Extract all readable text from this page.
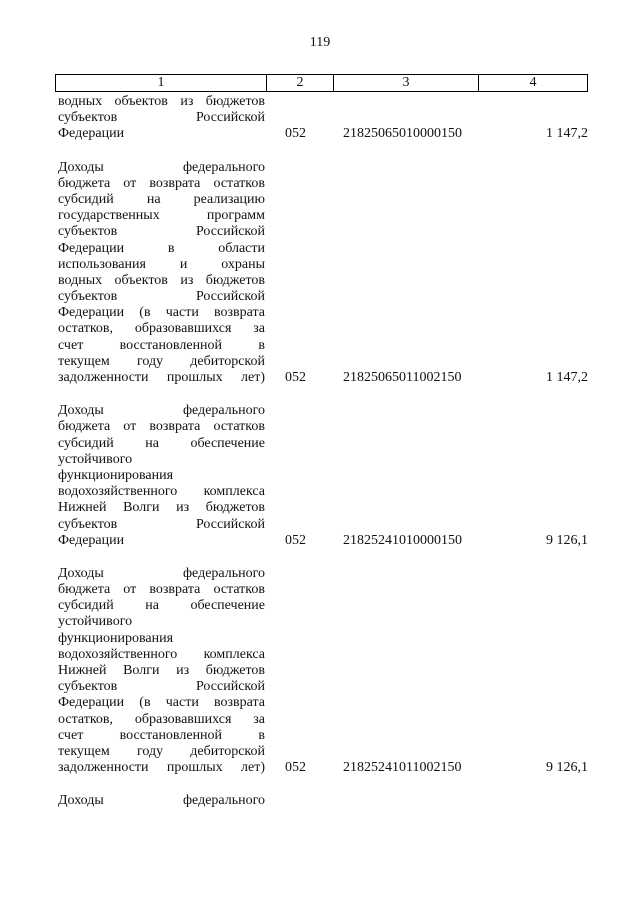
119
1	2	3	4
водных объектов из бюджетов
субъектов Российской
Федерации	052	21825065010000150	1 147,2
Доходы федерального
бюджета от возврата остатков
субсидий на реализацию
государственных программ
субъектов Российской
Федерации в области
использования и охраны
водных объектов из бюджетов
субъектов Российской
Федерации (в части возврата
остатков, образовавшихся за
счет восстановленной в
текущем году дебиторской
задолженности прошлых лет) 052	21825065011002150	1 147,2
Доходы федерального
бюджета от возврата остатков
субсидий на обеспечение
устойчивого
функционирования
водохозяйственного комплекса
Нижней Волги из бюджетов
субъектов Российской
Федерации	052	21825241010000150	9 126,1
Доходы федерального
бюджета от возврата остатков
субсидий на обеспечение
устойчивого
функционирования
водохозяйственного комплекса
Нижней Волги из бюджетов
субъектов Российской
Федерации (в части возврата
остатков, образовавшихся за
счет восстановленной в
текущем году дебиторской
задолженности прошлых лет) 052	21825241011002150	9 126,1
Доходы федерального
